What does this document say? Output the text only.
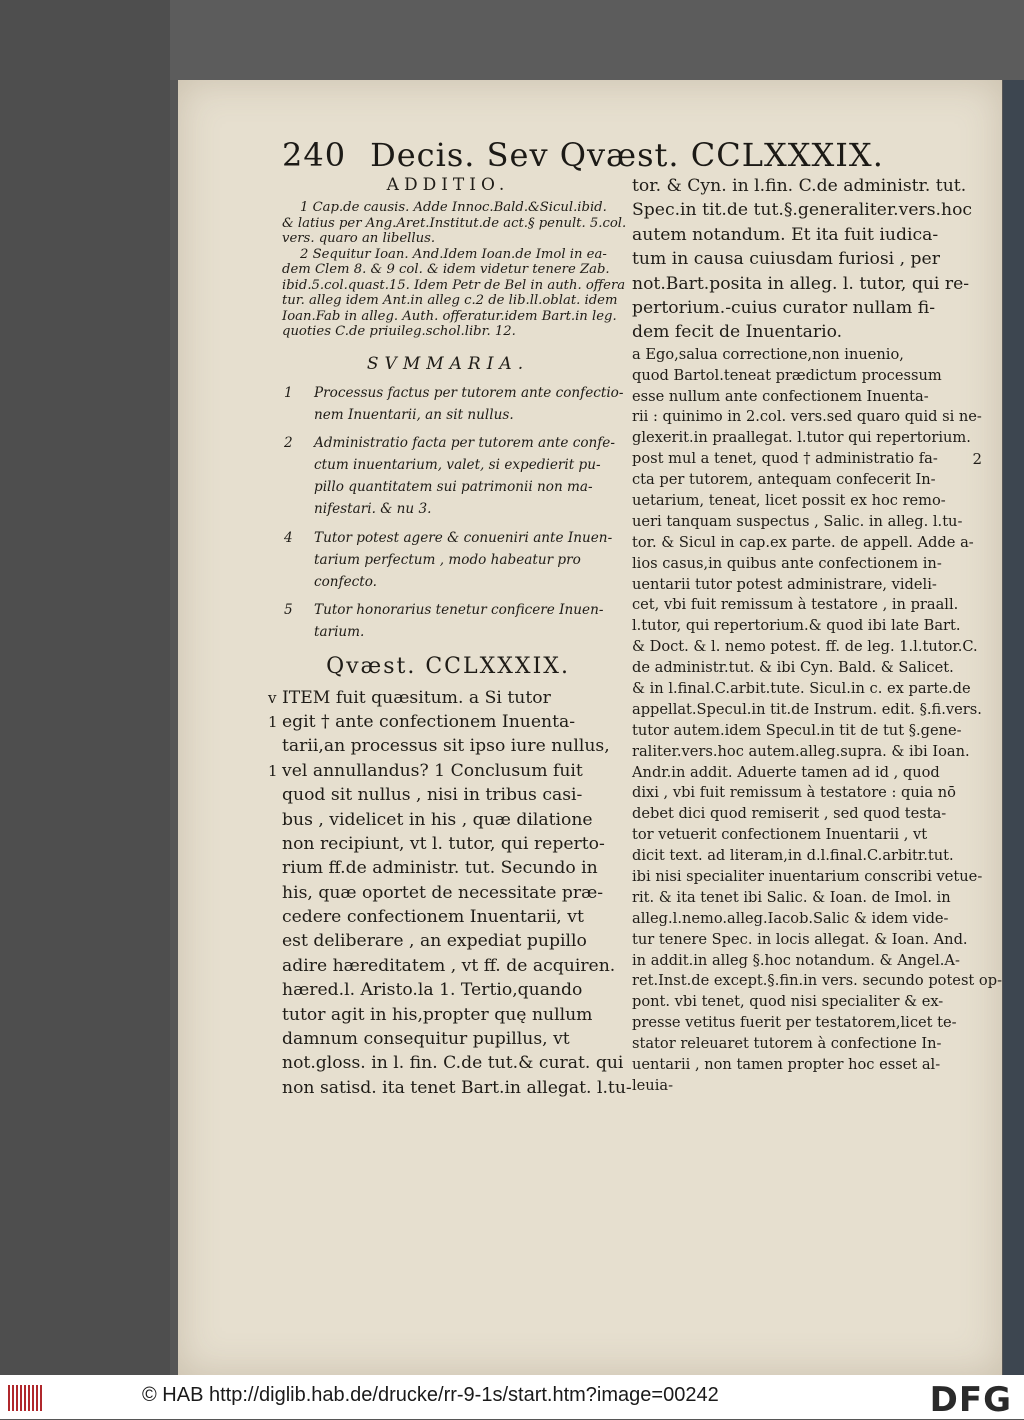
240 Decis. Sev Qvæst. CCLXXXIX.
ADDITIO.
1 Cap.de causis. Adde Innoc.Bald.&Sicul.ibid.
& latius per Ang.Aret.Institut.de act.§ penult. 5.col.
vers. quaro an libellus.
2 Sequitur Ioan. And.Idem Ioan.de Imol in ea-
dem Clem 8. & 9 col. & idem videtur tenere Zab.
ibid.5.col.quast.15. Idem Petr de Bel in auth. offera
tur. alleg idem Ant.in alleg c.2 de lib.ll.oblat. idem
Ioan.Fab in alleg. Auth. offeratur.idem Bart.in leg.
quoties C.de priuileg.schol.libr. 12.
SVMMARIA.
1 Processus factus per tutorem ante confectio-
nem Inuentarii, an sit nullus.
2 Administratio facta per tutorem ante confe-
ctum inuentarium, valet, si expedierit pu-
pillo quantitatem sui patrimonii non ma-
nifestari. & nu 3.
4 Tutor potest agere & conueniri ante Inuen-
tarium perfectum , modo habeatur pro
confecto.
5 Tutor honorarius tenetur conficere Inuen-
tarium.
Qvæst. CCLXXXIX.
v ITEM fuit quæsitum. a Si tutor
1 egit † ante confectionem Inuenta-
tarii,an processus sit ipso iure nullus,
1 vel annullandus? 1 Conclusum fuit
quod sit nullus , nisi in tribus casi-
bus , videlicet in his , quæ dilatione
non recipiunt, vt l. tutor, qui reperto-
rium ff.de administr. tut. Secundo in
his, quæ oportet de necessitate præ-
cedere confectionem Inuentarii, vt
est deliberare , an expediat pupillo
adire hæreditatem , vt ff. de acquiren.
hæred.l. Aristo.la 1. Tertio,quando
tutor agit in his,propter quę nullum
damnum consequitur pupillus, vt
not.gloss. in l. fin. C.de tut.& curat. qui
non satisd. ita tenet Bart.in allegat. l.tu-
tor. & Cyn. in l.fin. C.de administr. tut.
Spec.in tit.de tut.§.generaliter.vers.hoc
autem notandum. Et ita fuit iudica-
tum in causa cuiusdam furiosi , per
not.Bart.posita in alleg. l. tutor, qui re-
pertorium.-cuius curator nullam fi-
dem fecit de Inuentario.
a Ego,salua correctione,non inuenio,
quod Bartol.teneat prædictum processum
esse nullum ante confectionem Inuenta-
rii : quinimo in 2.col. vers.sed quaro quid si ne-
glexerit.in praallegat. l.tutor qui repertorium.
post mul a tenet, quod † administratio fa- 2
cta per tutorem, antequam confecerit In-
uetarium, teneat, licet possit ex hoc remo-
ueri tanquam suspectus , Salic. in alleg. l.tu-
tor. & Sicul in cap.ex parte. de appell. Adde a-
lios casus,in quibus ante confectionem in-
uentarii tutor potest administrare, videli-
cet, vbi fuit remissum à testatore , in praall.
l.tutor, qui repertorium.& quod ibi late Bart.
& Doct. & l. nemo potest. ff. de leg. 1.l.tutor.C.
de administr.tut. & ibi Cyn. Bald. & Salicet.
& in l.final.C.arbit.tute. Sicul.in c. ex parte.de
appellat.Specul.in tit.de Instrum. edit. §.fi.vers.
tutor autem.idem Specul.in tit de tut §.gene-
raliter.vers.hoc autem.alleg.supra. & ibi Ioan.
Andr.in addit. Aduerte tamen ad id , quod
dixi , vbi fuit remissum à testatore : quia nō
debet dici quod remiserit , sed quod testa-
tor vetuerit confectionem Inuentarii , vt
dicit text. ad literam,in d.l.final.C.arbitr.tut.
ibi nisi specialiter inuentarium conscribi vetue-
rit. & ita tenet ibi Salic. & Ioan. de Imol. in
alleg.l.nemo.alleg.Iacob.Salic & idem vide-
tur tenere Spec. in locis allegat. & Ioan. And.
in addit.in alleg §.hoc notandum. & Angel.A-
ret.Inst.de except.§.fin.in vers. secundo potest op-
pont. vbi tenet, quod nisi specialiter & ex-
presse vetitus fuerit per testatorem,licet te-
stator releuaret tutorem à confectione In-
uentarii , non tamen propter hoc esset al-
leuia-
© HAB http://diglib.hab.de/drucke/rr-9-1s/start.htm?image=00242	DFG
